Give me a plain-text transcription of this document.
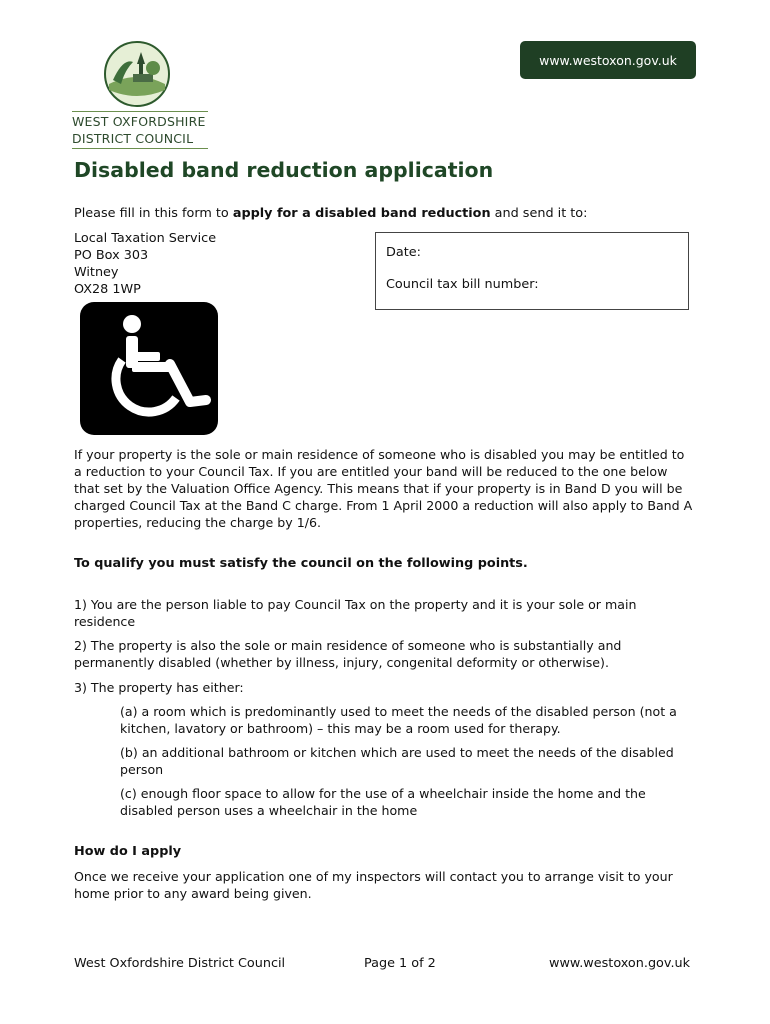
WEST OXFORDSHIRE
DISTRICT COUNCIL
www.westoxon.gov.uk
Disabled band reduction application
Please fill in this form to apply for a disabled band reduction and send it to:
Local Taxation Service
PO Box 303
Witney
OX28 1WP
Date:
Council tax bill number:

If your property is the sole or main residence of someone who is disabled you may be entitled to a reduction to your Council Tax. If you are entitled your band will be reduced to the one below that set by the Valuation Office Agency. This means that if your property is in Band D you will be charged Council Tax at the Band C charge. From 1 April 2000 a reduction will also apply to Band A properties, reducing the charge by 1/6.

To qualify you must satisfy the council on the following points.

1) You are the person liable to pay Council Tax on the property and it is your sole or main residence

2) The property is also the sole or main residence of someone who is substantially and permanently disabled (whether by illness, injury, congenital deformity or otherwise).

3) The property has either:

(a) a room which is predominantly used to meet the needs of the disabled person (not a kitchen, lavatory or bathroom) – this may be a room used for therapy.

(b) an additional bathroom or kitchen which are used to meet the needs of the disabled person

(c) enough floor space to allow for the use of a wheelchair inside the home and the disabled person uses a wheelchair in the home

How do I apply

Once we receive your application one of my inspectors will contact you to arrange visit to your home prior to any award being given.

West Oxfordshire District Council	Page 1 of 2	www.westoxon.gov.uk
